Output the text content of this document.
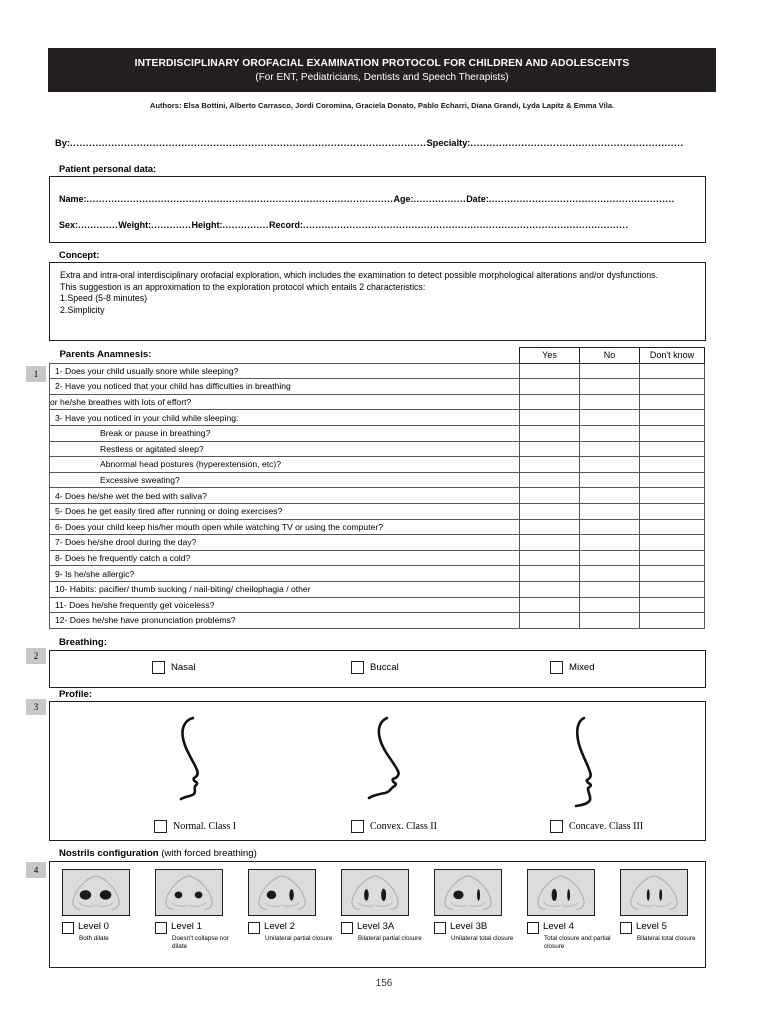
INTERDISCIPLINARY OROFACIAL EXAMINATION PROTOCOL FOR CHILDREN AND ADOLESCENTS
(For ENT, Pediatricians, Dentists and Speech Therapists)
Authors: Elsa Bottini, Alberto Carrasco, Jordi Coromina, Graciela Donato, Pablo Echarri, Diana Grandi, Lyda Lapitz & Emma Vila.
By:................................................................................................................Specialty:...................................................................
Patient personal data:
Name:...................................................................................................Age:.................Date:............................................................
Sex:.............Weight:.............Height:...............Record:.........................................................................................................
Concept:
Extra and intra-oral interdisciplinary orofacial exploration, which includes the examination to detect possible morphological alterations and/or dysfunctions.
This suggestion is an approximation to the exploration protocol which entails 2 characteristics:
1.Speed (5-8 minutes)
2.Simplicity
1
2
3
4
Parents Anamnesis:	Yes	No	Don't know
1- Does your child usually snore while sleeping?			
2- Have you noticed that your child has difficulties in breathing			
or he/she breathes with lots of effort?			
3- Have you noticed in your child while sleeping:			
Break or pause in breathing?			
Restless or agitated sleep?			
Abnormal head postures (hyperextension, etc)?			
Excessive sweating?			
4- Does he/she wet the bed with saliva?			
5- Does he get easily tired after running or doing exercises?			
6- Does your child keep his/her mouth open while watching TV or using the computer?			
7- Does he/she drool during the day?			
8- Does he frequently catch a cold?			
9- Is he/she allergic?			
10- Habits: pacifier/ thumb sucking / nail-biting/ cheilophagia / other			
11- Does he/she frequently get voiceless?			
12- Does he/she have pronunciation problems?			
Breathing:
Nasal	Buccal	Mixed
Profile:
Normal. Class I	Convex. Class II	Concave. Class III
Nostrils configuration (with forced breathing)
Level 0
Both dilate
Level 1
Doesn't collapse nor dilate
Level 2
Unilateral partial closure
Level 3A
Bilateral partial closure
Level 3B
Unilateral total closure
Level 4
Total closure and partial closure
Level 5
Bilateral total closure
156
